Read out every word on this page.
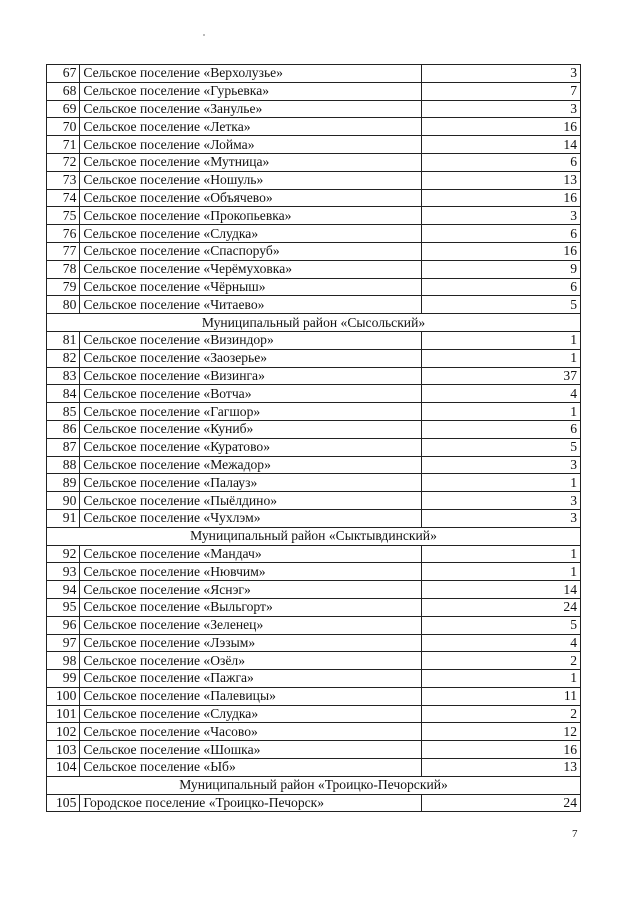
67	Сельское поселение «Верхолузье»	3
68	Сельское поселение «Гурьевка»	7
69	Сельское поселение «Занулье»	3
70	Сельское поселение «Летка»	16
71	Сельское поселение «Лойма»	14
72	Сельское поселение «Мутница»	6
73	Сельское поселение «Ношуль»	13
74	Сельское поселение «Объячево»	16
75	Сельское поселение «Прокопьевка»	3
76	Сельское поселение «Слудка»	6
77	Сельское поселение «Спаспоруб»	16
78	Сельское поселение «Черёмуховка»	9
79	Сельское поселение «Чёрныш»	6
80	Сельское поселение «Читаево»	5
Муниципальный район «Сысольский»		
81	Сельское поселение «Визиндор»	1
82	Сельское поселение «Заозерье»	1
83	Сельское поселение «Визинга»	37
84	Сельское поселение «Вотча»	4
85	Сельское поселение «Гагшор»	1
86	Сельское поселение «Куниб»	6
87	Сельское поселение «Куратово»	5
88	Сельское поселение «Межадор»	3
89	Сельское поселение «Палауз»	1
90	Сельское поселение «Пыёлдино»	3
91	Сельское поселение «Чухлэм»	3
Муниципальный район «Сыктывдинский»		
92	Сельское поселение «Мандач»	1
93	Сельское поселение «Нювчим»	1
94	Сельское поселение «Яснэг»	14
95	Сельское поселение «Выльгорт»	24
96	Сельское поселение «Зеленец»	5
97	Сельское поселение «Лэзым»	4
98	Сельское поселение «Озёл»	2
99	Сельское поселение «Пажга»	1
100	Сельское поселение «Палевицы»	11
101	Сельское поселение «Слудка»	2
102	Сельское поселение «Часово»	12
103	Сельское поселение «Шошка»	16
104	Сельское поселение «Ыб»	13
Муниципальный район «Троицко-Печорский»		
105	Городское поселение «Троицко-Печорск»	24
7
